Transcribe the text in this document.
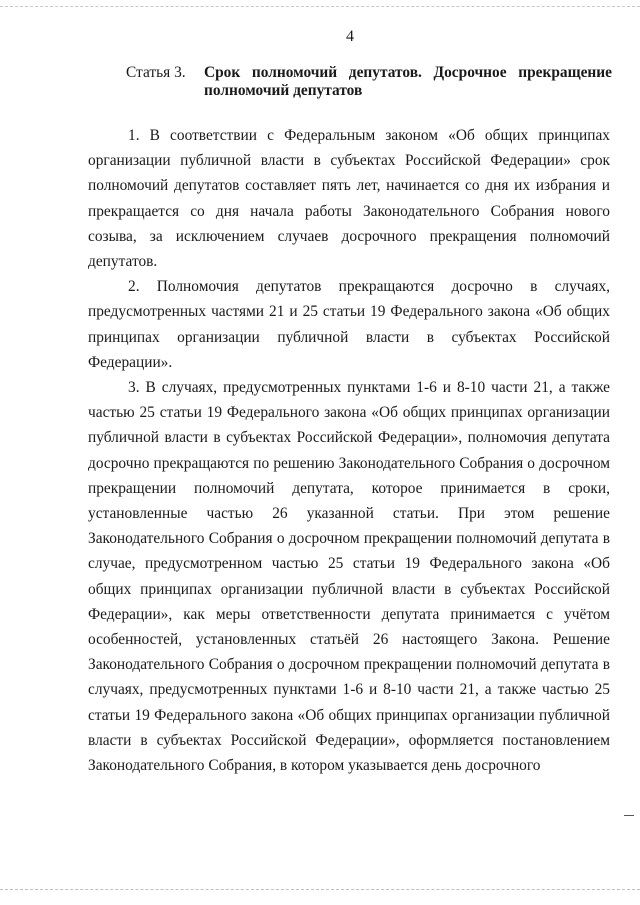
4
Статья 3. Срок полномочий депутатов. Досрочное прекращение полномочий депутатов

1. В соответствии с Федеральным законом «Об общих принципах организации публичной власти в субъектах Российской Федерации» срок полномочий депутатов составляет пять лет, начинается со дня их избрания и прекращается со дня начала работы Законодательного Собрания нового созыва, за исключением случаев досрочного прекращения полномочий депутатов.

2. Полномочия депутатов прекращаются досрочно в случаях, предусмотренных частями 21 и 25 статьи 19 Федерального закона «Об общих принципах организации публичной власти в субъектах Российской Федерации».

3. В случаях, предусмотренных пунктами 1-6 и 8-10 части 21, а также частью 25 статьи 19 Федерального закона «Об общих принципах организации публичной власти в субъектах Российской Федерации», полномочия депутата досрочно прекращаются по решению Законодательного Собрания о досрочном прекращении полномочий депутата, которое принимается в сроки, установленные частью 26 указанной статьи. При этом решение Законодательного Собрания о досрочном прекращении полномочий депутата в случае, предусмотренном частью 25 статьи 19 Федерального закона «Об общих принципах организации публичной власти в субъектах Российской Федерации», как меры ответственности депутата принимается с учётом особенностей, установленных статьёй 26 настоящего Закона. Решение Законодательного Собрания о досрочном прекращении полномочий депутата в случаях, предусмотренных пунктами 1-6 и 8-10 части 21, а также частью 25 статьи 19 Федерального закона «Об общих принципах организации публичной власти в субъектах Российской Федерации», оформляется постановлением Законодательного Собрания, в котором указывается день досрочного
